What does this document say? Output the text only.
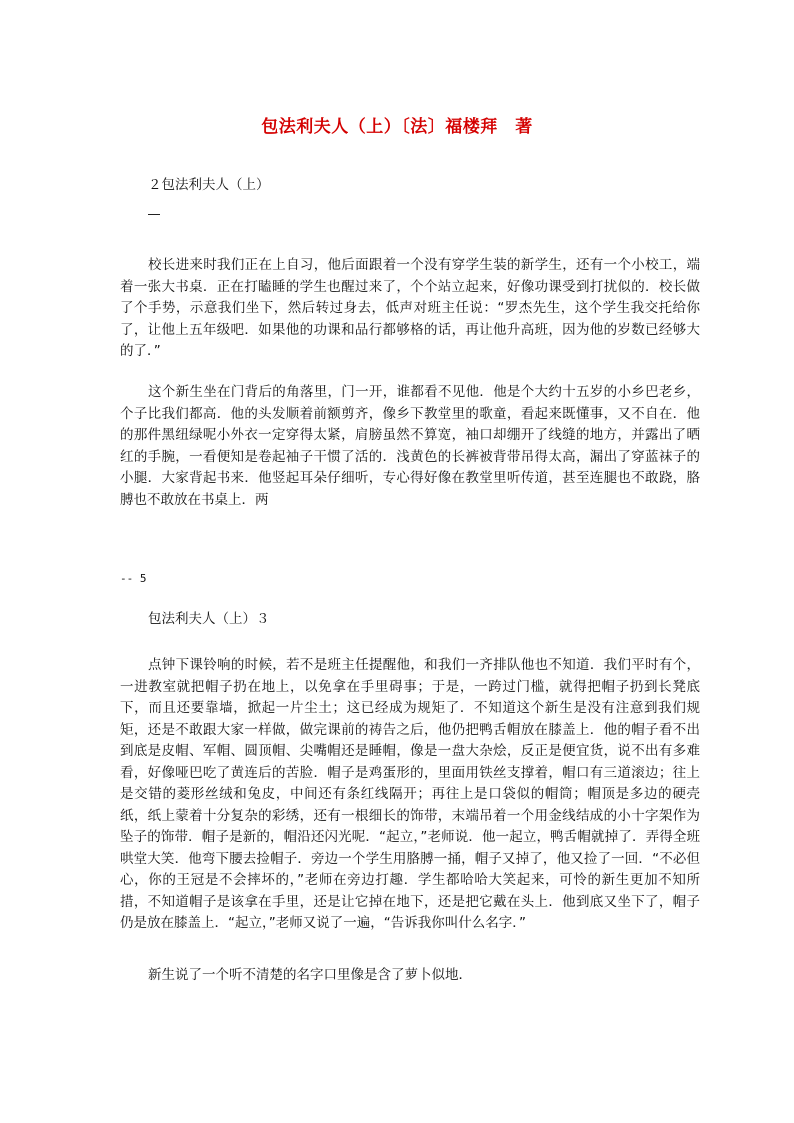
包法利夫人（上）〔法〕福楼拜　著
２包法利夫人（上）

校长进来时我们正在上自习，他后面跟着一个没有穿学生装的新学生，还有一个小校工，端着一张大书桌．正在打瞌睡的学生也醒过来了，个个站立起来，好像功课受到打扰似的．校长做了个手势，示意我们坐下，然后转过身去，低声对班主任说：“罗杰先生，这个学生我交托给你了，让他上五年级吧．如果他的功课和品行都够格的话，再让他升高班，因为他的岁数已经够大的了．”

这个新生坐在门背后的角落里，门一开，谁都看不见他．他是个大约十五岁的小乡巴老乡，个子比我们都高．他的头发顺着前额剪齐，像乡下教堂里的歌童，看起来既懂事，又不自在．他的那件黑纽绿呢小外衣一定穿得太紧，肩膀虽然不算宽，袖口却绷开了线缝的地方，并露出了晒红的手腕，一看便知是卷起袖子干惯了活的．浅黄色的长裤被背带吊得太高，漏出了穿蓝袜子的小腿．大家背起书来．他竖起耳朵仔细听，专心得好像在教堂里听传道，甚至连腿也不敢跷，胳膊也不敢放在书桌上．两

-- 5
包法利夫人（上）３

点钟下课铃响的时候，若不是班主任提醒他，和我们一齐排队他也不知道．我们平时有个，一进教室就把帽子扔在地上，以免拿在手里碍事；于是，一跨过门槛，就得把帽子扔到长凳底下，而且还要靠墙，掀起一片尘土；这已经成为规矩了．不知道这个新生是没有注意到我们规矩，还是不敢跟大家一样做，做完课前的祷告之后，他仍把鸭舌帽放在膝盖上．他的帽子看不出到底是皮帽、军帽、圆顶帽、尖嘴帽还是睡帽，像是一盘大杂烩，反正是便宜货，说不出有多难看，好像哑巴吃了黄连后的苦脸．帽子是鸡蛋形的，里面用铁丝支撑着，帽口有三道滚边；往上是交错的菱形丝绒和兔皮，中间还有条红线隔开；再往上是口袋似的帽筒；帽顶是多边的硬壳纸，纸上蒙着十分复杂的彩绣，还有一根细长的饰带，末端吊着一个用金线结成的小十字架作为坠子的饰带．帽子是新的，帽沿还闪光呢．“起立，”老师说．他一起立，鸭舌帽就掉了．弄得全班哄堂大笑．他弯下腰去捡帽子．旁边一个学生用胳膊一捅，帽子又掉了，他又捡了一回．“不必但心，你的王冠是不会摔坏的，”老师在旁边打趣．学生都哈哈大笑起来，可怜的新生更加不知所措，不知道帽子是该拿在手里，还是让它掉在地下，还是把它戴在头上．他到底又坐下了，帽子仍是放在膝盖上．“起立，”老师又说了一遍，“告诉我你叫什么名字．”

新生说了一个听不清楚的名字口里像是含了萝卜似地．
